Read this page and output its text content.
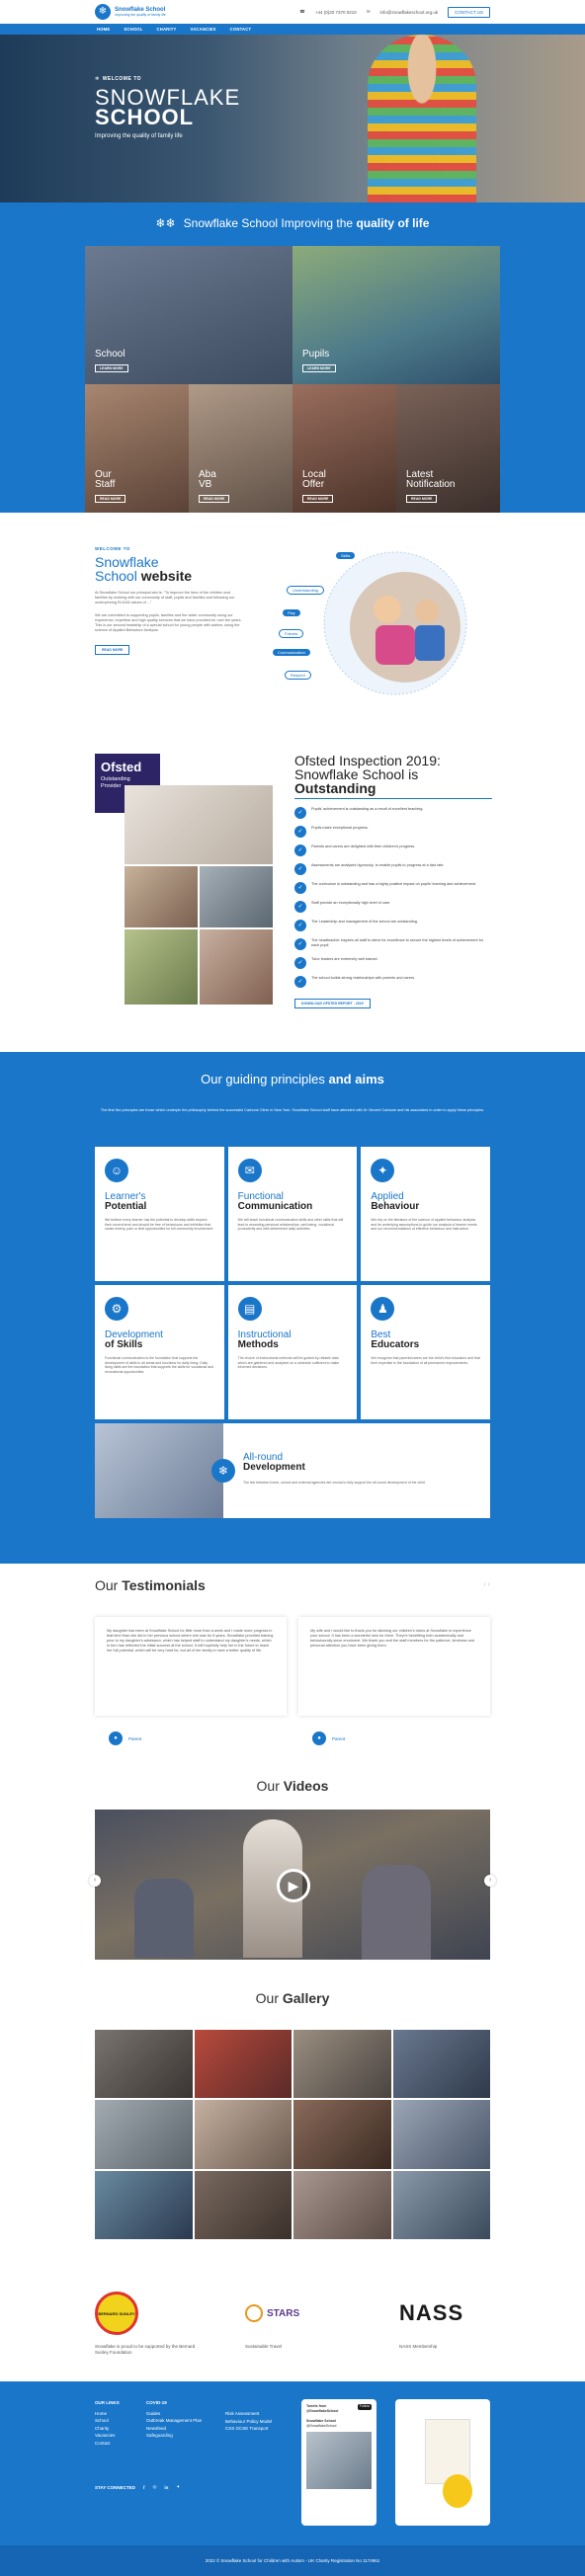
❄	Snowflake School
Improving the quality of family life
☎ +44 (0)20 7370 0210 ✉ info@snowflakeschool.org.uk	CONTACT US
HOME	SCHOOL	CHARITY	VACANCIES	CONTACT
❄ WELCOME TO
SNOWFLAKE
SCHOOL

Improving the quality of family life

❄❄ Snowflake School Improving the quality of life
School
LEARN MORE
Pupils
LEARN MORE
Our
Staff
READ MORE
Aba
VB
READ MORE
Local
Offer
READ MORE
Latest
Notification
READ MORE
WELCOME TO
Snowflake
School website

At Snowflake School our principal aim is: "To improve the lives of the children and families by working with our community of staff, pupils and families and following our underpinning ELKAN values of ..."

We are committed to supporting pupils, families and the wider community using our experience, expertise and high quality services that we have provided for over ten years. This is our second headship of a special school for young people with autism, using the science of Applied Behaviour Analysis.

READ MORE
Skills
Understanding
Play
Friends
Communication
Respect
Ofsted
Outstanding
Provider
Ofsted Inspection 2019:
Snowflake School is
Outstanding
✓
Pupils' achievement is outstanding as a result of excellent teaching.
✓
Pupils make exceptional progress.
✓
Parents and carers are delighted with their children's progress.
✓
Assessments are analysed rigorously, to enable pupils to progress at a fast rate.
✓
The curriculum is outstanding and has a highly positive impact on pupils' learning and achievement.
✓
Staff provide an exceptionally high level of care.
✓
The Leadership and management of the school are outstanding.
✓
The headteacher inspires all staff to strive for excellence to secure the highest levels of achievement for each pupil.
✓
Tutor leaders are extremely well trained.
✓
The school builds strong relationships with parents and carers.
DOWNLOAD OFSTED REPORT - 2019
Our guiding principles and aims
The first five principles are those which underpin the philosophy behind the successful Carbone Clinic in New York. Snowflake School staff have attended with Dr Vincent Carbone and his associates in order to apply these principles.
☺
Learner's
Potential

We believe every learner has the potential to develop skills beyond their current level and should be free of behaviours and inhibition that cause misery, pain or limit opportunities for full community involvement.

✉
Functional
Communication

We will teach functional communication skills and other skills that will lead to rewarding personal relationships, well-being, vocational productivity and well-determined daily activities.

✦
Applied
Behaviour

We rely on the literature of the science of applied behaviour analysis and its underlying assumptions to guide our analysis of learner needs and our recommendations of effective behaviour and instruction.

⚙
Development
of Skills

Functional communication is the foundation that supports the development of skills in all areas and functions for daily living. Daily living skills are the foundation that supports the skills for vocational and recreational opportunities.

▤
Instructional
Methods

The choice of instructional methods will be guided by reliable data which are gathered and analysed on a schedule sufficient to make informed decisions.

♟
Best
Educators

We recognise that parents/carers are the child's first educators and that their expertise is the foundation of all permanent improvements.

❄
All-round
Development

The link between home, school and external agencies are crucial to fully support the all-round development of the child.

Our Testimonials	‹ ›
My daughter has been at Snowflake School for little more than a week and I made more progress in that time than she did in her previous school where she was for 6 years. Snowflake provided training prior to my daughter's admission, which has helped staff to understand my daughter's needs, which in turn has reflected the initial success at the school. It will hopefully help her in the future to reach her full potential, which will be very hard for, but all of her family to have a better quality of life.
My wife and I would like to thank you for allowing our children's tutors at Snowflake to experience your school. It has been a wonderful new for them. They're benefiting both academically and behaviourally since enrolment. We thank you and the staff members for the patience, kindness and personal attention you have been giving them.
●	Parent	●	Parent
Our Videos
▶
‹	›
Our Gallery
BERNARD SUNLEY
Snowflake is proud to be supported by the Bernard Sunley Foundation
STARS
Sustainable Travel
NASS
NASS Membership
OUR LINKS
Home
School
Charity
Vacancies
Contact
COVID-19
Guides
Outbreak Management Plan
Newsfeed
Safeguarding
Risk Assessment
Behaviour Policy Model
CSS GCSE Transport
STAY CONNECTED f ◎ in ✦
Tweets from @SnowflakeSchool
Follow
Snowflake School
@SnowflakeSchool
2022 © Snowflake School for Children with Autism - UK Charity Registration No 1174961
